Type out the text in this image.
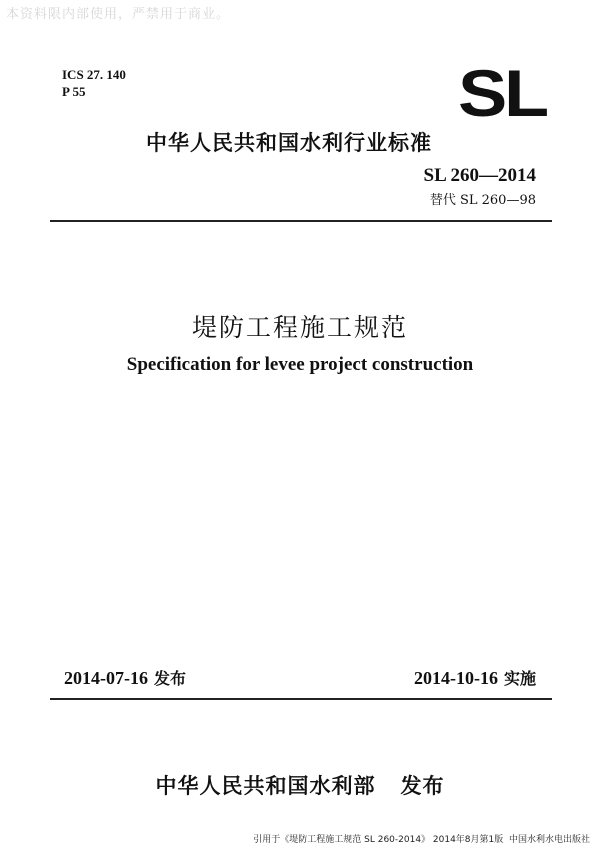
本资料限内部使用，严禁用于商业。
ICS 27. 140
P 55	SL
中华人民共和国水利行业标准
SL 260—2014
替代 SL 260—98
堤防工程施工规范
Specification for levee project construction
2014-07-16 发布	2014-10-16 实施
中华人民共和国水利部   发布
引用于《堤防工程施工规范 SL 260-2014》 2014年8月第1版  中国水利水电出版社
